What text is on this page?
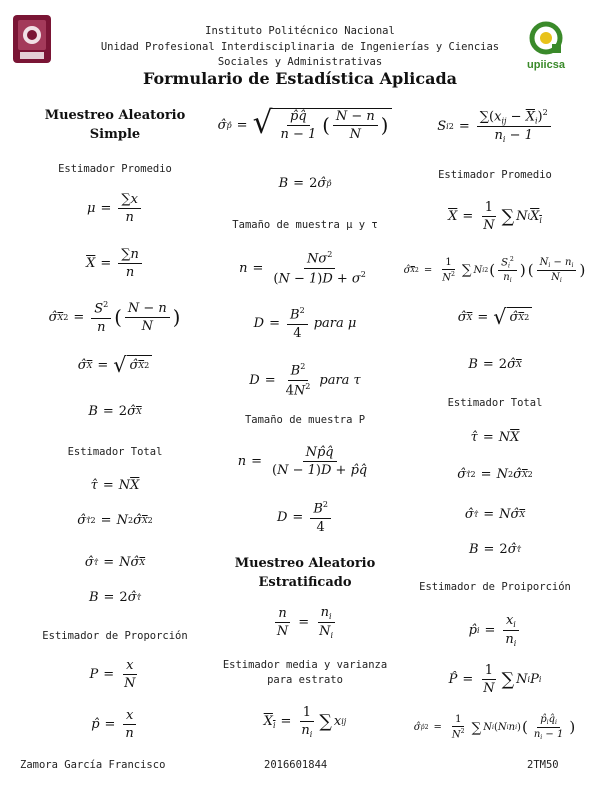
upiicsa
Instituto Politécnico Nacional
Unidad Profesional Interdisciplinaria de Ingenierías y Ciencias
Sociales y Administrativas
Formulario de Estadística Aplicada
Muestreo Aleatorio Simple
Estimador Promedio
$\mu = \frac{\sum x}{n}$
$\overline{X} = \frac{\sum n}{n}$
σ̂ $\overline{X}$ $2 = \frac{S^2}{n}$ ( $\frac{N - n}{N}$ )
σ̂ $\overline{X}$ = √ σ̂ $\overline{X}$ 2
B = 2 σ̂ $\overline{X}$
Estimador Total
τ̂ = N $\overline{X}$
σ̂ τ̂ 2 = N 2 σ̂ $\overline{X}$ 2
σ̂ τ̂ = Nσ̂ $\overline{X}$
B = 2 σ̂ τ̂
Estimador de Proporción
$P = \frac{x}{N}$
p̂ = $\frac{x}{n}$
σ̂ p̂ = √ $\frac{p̂q̂}{n - 1}$ ( $\frac{N - n}{N}$ )
B = 2 σ̂ p̂
Tamaño de muestra μ y τ
$n = \frac{N\sigma^2}{(N - 1)D + \sigma^2}$
$D = \frac{B^2}{4}$ para μ
$D = \frac{B^2}{4N^2}$ para τ
Tamaño de muestra P
$n = \frac{Np̂q̂}{(N - 1)D + p̂q̂}$
$D = \frac{B^2}{4}$
Muestreo Aleatorio Estratificado
$\frac{n}{N} = \frac{n_i}{N_i}$
Estimador media y varianza para estrato
$X_i = \frac{1}{n_i}$ ∑ x ij
S i $2 = \frac{\sum(x_{ij} - \overline{X}_i)^2}{n_i - 1}$
Estimador Promedio
$\overline{X} = \frac{1}{N}$ ∑ N i $X_i$
σ̂ $\overline{X}$ $2 = \frac{1}{N^2}$ ∑ N i 2 ( $\frac{S_i^2}{n_i}$ ) ( $\frac{N_i - n_i}{N_i}$ )
σ̂ $\overline{X}$ = √ σ̂ $\overline{X}$ 2
B = 2 σ̂ $\overline{X}$
Estimador Total
τ̂ = N $\overline{X}$
σ̂ τ̂ 2 = N 2 σ̂ $\overline{X}$ 2
σ̂ τ̂ = Nσ̂ $\overline{X}$
B = 2 σ̂ τ̂
Estimador de Proiporción
p̂ $i = \frac{x_i}{n_i}$
P̂ = $\frac{1}{N}$ ∑ N i P i
σ̂ p̂ $2 = \frac{1}{N^2}$ ∑ N i ( N i n i ) ( $\frac{p̂_iq̂_i}{n_i - 1}$ )
Zamora García Francisco	2016601844	2TM50
